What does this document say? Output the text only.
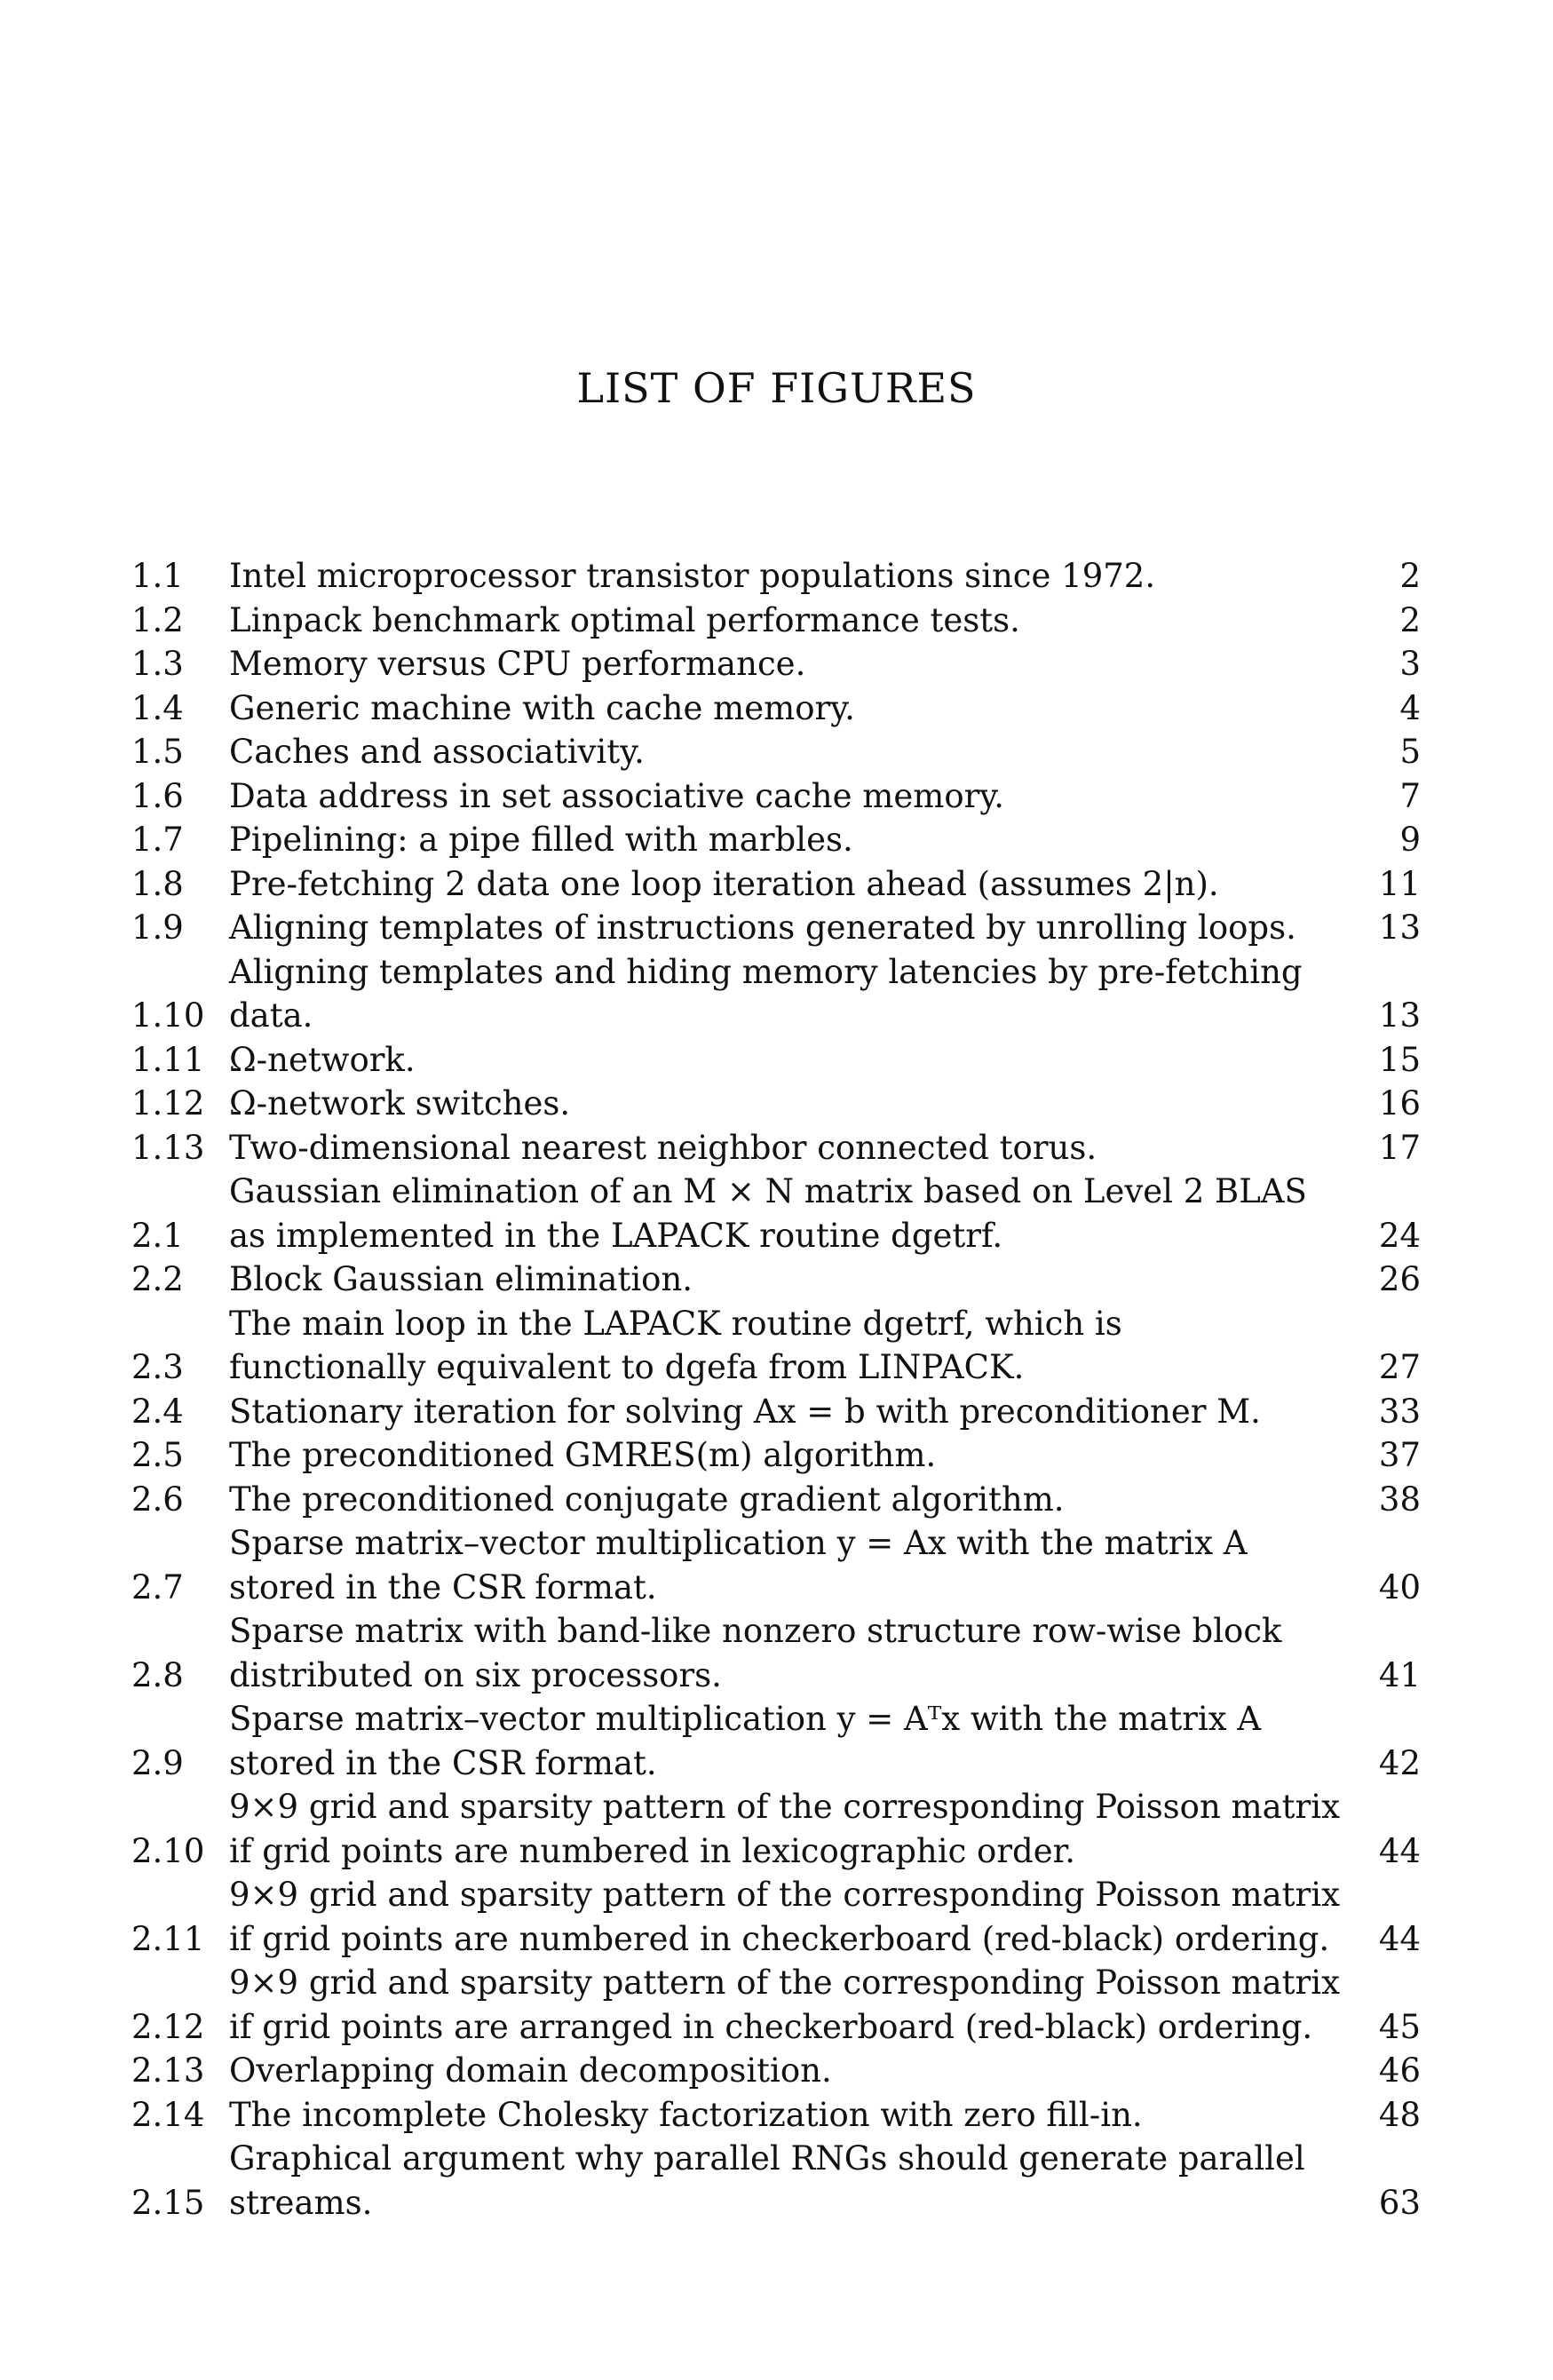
LIST OF FIGURES
1.1	Intel microprocessor transistor populations since 1972.	2
1.2	Linpack benchmark optimal performance tests.	2
1.3	Memory versus CPU performance.	3
1.4	Generic machine with cache memory.	4
1.5	Caches and associativity.	5
1.6	Data address in set associative cache memory.	7
1.7	Pipelining: a pipe filled with marbles.	9
1.8	Pre-fetching 2 data one loop iteration ahead (assumes 2|n).	11
1.9	Aligning templates of instructions generated by unrolling loops.	13
1.10
Aligning templates and hiding memory latencies by pre-fetching data.	13
1.11 Ω-network.	15
1.12 Ω-network switches.	16
1.13 Two-dimensional nearest neighbor connected torus.	17
2.1
Gaussian elimination of an M × N matrix based on Level 2 BLAS
as implemented in the LAPACK routine dgetrf.	24
2.2	Block Gaussian elimination.	26
2.3
The main loop in the LAPACK routine dgetrf, which is
functionally equivalent to dgefa from LINPACK.	27
2.4	Stationary iteration for solving Ax = b with preconditioner M.	33
2.5	The preconditioned GMRES(m) algorithm.	37
2.6	The preconditioned conjugate gradient algorithm.	38
2.7
Sparse matrix–vector multiplication y = Ax with the matrix A
stored in the CSR format.	40
2.8
Sparse matrix with band-like nonzero structure row-wise block
distributed on six processors.	41
2.9
Sparse matrix–vector multiplication y = Aᵀx with the matrix A
stored in the CSR format.	42
2.10
9×9 grid and sparsity pattern of the corresponding Poisson matrix
if grid points are numbered in lexicographic order.	44
2.11
9×9 grid and sparsity pattern of the corresponding Poisson matrix
if grid points are numbered in checkerboard (red-black) ordering.	44
2.12
9×9 grid and sparsity pattern of the corresponding Poisson matrix
if grid points are arranged in checkerboard (red-black) ordering.	45
2.13 Overlapping domain decomposition.	46
2.14 The incomplete Cholesky factorization with zero fill-in.	48
2.15
Graphical argument why parallel RNGs should generate parallel
streams.	63
